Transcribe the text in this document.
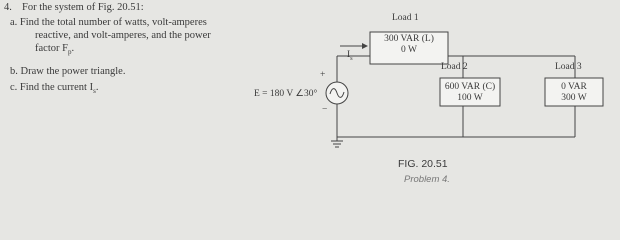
4. For the system of Fig. 20.51:
a. Find the total number of watts, volt-amperes
reactive, and volt-amperes, and the power
factor $F_p$.
b. Draw the power triangle.
c. Find the current $I_s$.
$I_s$
Load 1
300 VAR (L)
0 W
Load 2
600 VAR (C)
100 W
Load 3
0 VAR
300 W
E = 180 V ∠30°
+
−
FIG. 20.51
Problem 4.
